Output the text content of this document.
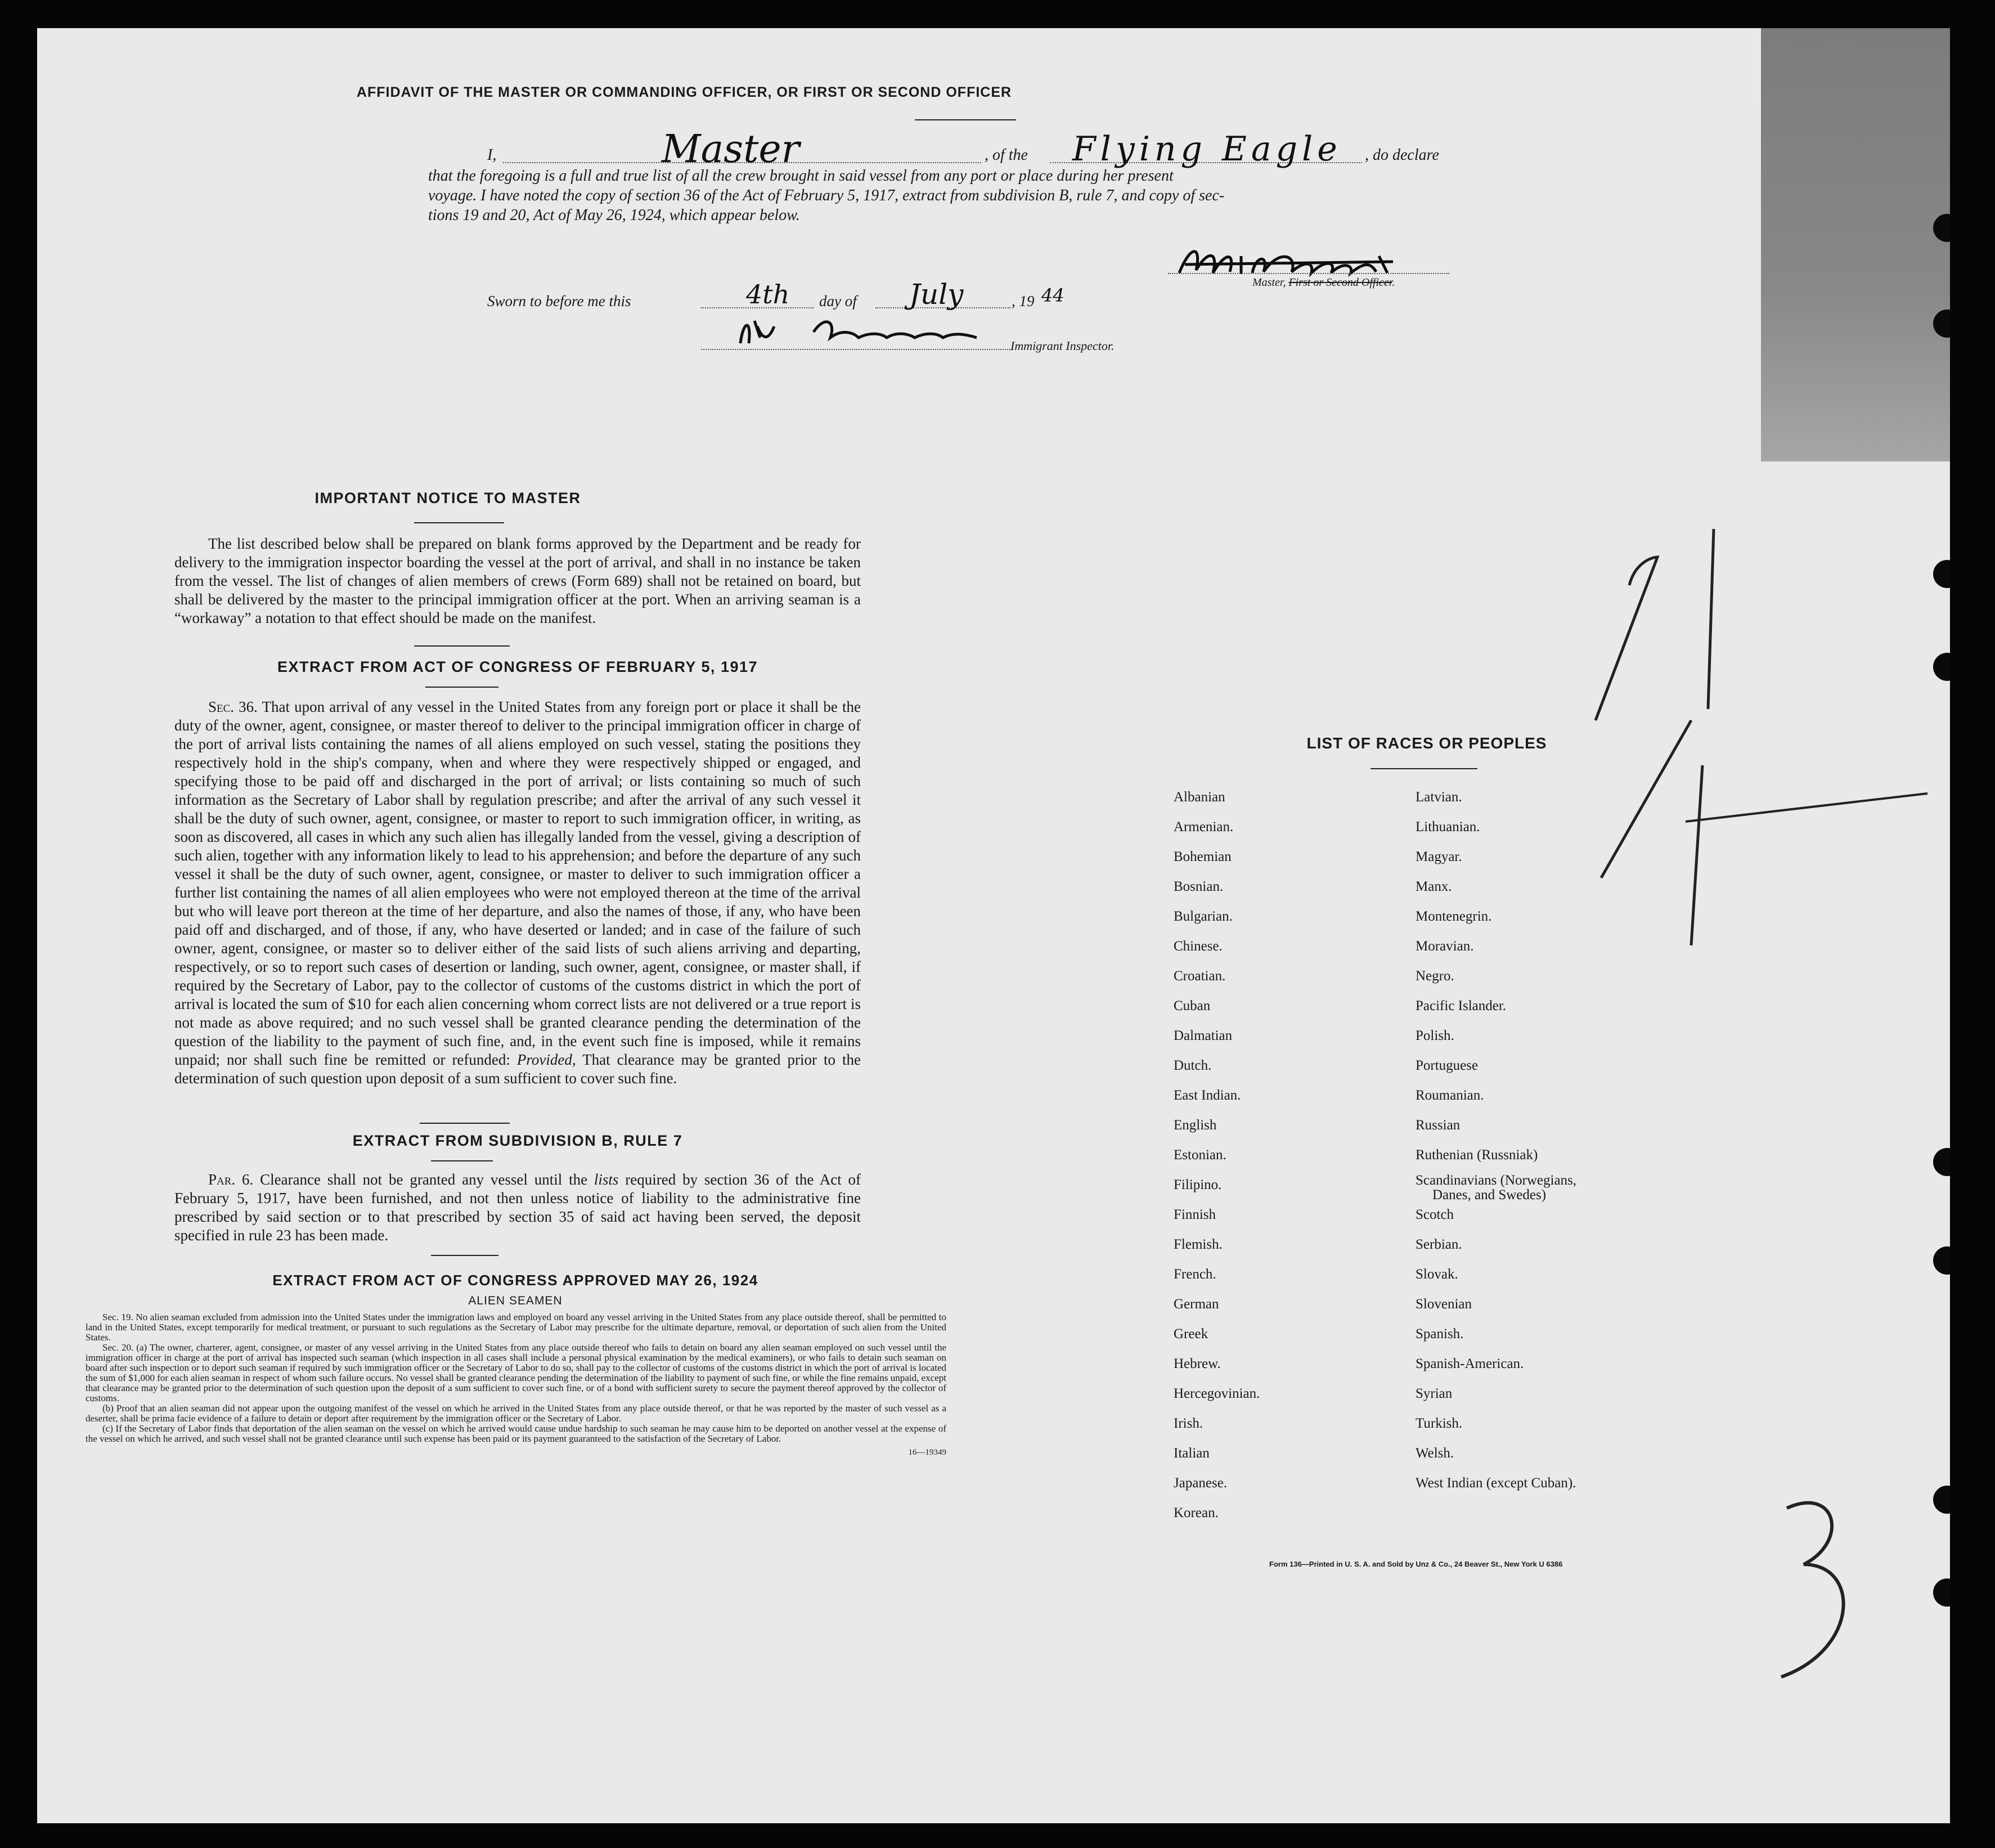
AFFIDAVIT OF THE MASTER OR COMMANDING OFFICER, OR FIRST OR SECOND OFFICER
I,	Master	, of the Flying Eagle , do declare
that the foregoing is a full and true list of all the crew brought in said vessel from any port or place during her present
voyage. I have noted the copy of section 36 of the Act of February 5, 1917, extract from subdivision B, rule 7, and copy of sec-
tions 19 and 20, Act of May 26, 1924, which appear below.
Master, First or Second Officer.
Sworn to before me this	4th day of July	, 19 44
Immigrant Inspector.
IMPORTANT NOTICE TO MASTER
The list described below shall be prepared on blank forms approved by the Department and be ready for delivery to the immigration inspector boarding the vessel at the port of arrival, and shall in no instance be taken from the vessel. The list of changes of alien members of crews (Form 689) shall not be retained on board, but shall be delivered by the master to the principal immigration officer at the port. When an arriving seaman is a “workaway” a notation to that effect should be made on the manifest.
EXTRACT FROM ACT OF CONGRESS OF FEBRUARY 5, 1917
Sec. 36. That upon arrival of any vessel in the United States from any foreign port or place it shall be the duty of the owner, agent, consignee, or master thereof to deliver to the principal immigration officer in charge of the port of arrival lists containing the names of all aliens employed on such vessel, stating the positions they respectively hold in the ship's company, when and where they were respectively shipped or engaged, and specifying those to be paid off and discharged in the port of arrival; or lists containing so much of such information as the Secretary of Labor shall by regulation prescribe; and after the arrival of any such vessel it shall be the duty of such owner, agent, consignee, or master to report to such immigration officer, in writing, as soon as discovered, all cases in which any such alien has illegally landed from the vessel, giving a description of such alien, together with any information likely to lead to his apprehension; and before the departure of any such vessel it shall be the duty of such owner, agent, consignee, or master to deliver to such immigration officer a further list containing the names of all alien employees who were not employed thereon at the time of the arrival but who will leave port thereon at the time of her departure, and also the names of those, if any, who have been paid off and discharged, and of those, if any, who have deserted or landed; and in case of the failure of such owner, agent, consignee, or master so to deliver either of the said lists of such aliens arriving and departing, respectively, or so to report such cases of desertion or landing, such owner, agent, consignee, or master shall, if required by the Secretary of Labor, pay to the collector of customs of the customs district in which the port of arrival is located the sum of $10 for each alien concerning whom correct lists are not delivered or a true report is not made as above required; and no such vessel shall be granted clearance pending the determination of the question of the liability to the payment of such fine, and, in the event such fine is imposed, while it remains unpaid; nor shall such fine be remitted or refunded: Provided, That clearance may be granted prior to the determination of such question upon deposit of a sum sufficient to cover such fine.
EXTRACT FROM SUBDIVISION B, RULE 7
Par. 6. Clearance shall not be granted any vessel until the lists required by section 36 of the Act of February 5, 1917, have been furnished, and not then unless notice of liability to the administrative fine prescribed by said section or to that prescribed by section 35 of said act having been served, the deposit specified in rule 23 has been made.
EXTRACT FROM ACT OF CONGRESS APPROVED MAY 26, 1924
ALIEN SEAMEN
Sec. 19. No alien seaman excluded from admission into the United States under the immigration laws and employed on board any vessel arriving in the United States from any place outside thereof, shall be permitted to land in the United States, except temporarily for medical treatment, or pursuant to such regulations as the Secretary of Labor may prescribe for the ultimate departure, removal, or deportation of such alien from the United States.
Sec. 20. (a) The owner, charterer, agent, consignee, or master of any vessel arriving in the United States from any place outside thereof who fails to detain on board any alien seaman employed on such vessel until the immigration officer in charge at the port of arrival has inspected such seaman (which inspection in all cases shall include a personal physical examination by the medical examiners), or who fails to detain such seaman on board after such inspection or to deport such seaman if required by such immigration officer or the Secretary of Labor to do so, shall pay to the collector of customs of the customs district in which the port of arrival is located the sum of $1,000 for each alien seaman in respect of whom such failure occurs. No vessel shall be granted clearance pending the determination of the liability to payment of such fine, or while the fine remains unpaid, except that clearance may be granted prior to the determination of such question upon the deposit of a sum sufficient to cover such fine, or of a bond with sufficient surety to secure the payment thereof approved by the collector of customs.
(b) Proof that an alien seaman did not appear upon the outgoing manifest of the vessel on which he arrived in the United States from any place outside thereof, or that he was reported by the master of such vessel as a deserter, shall be prima facie evidence of a failure to detain or deport after requirement by the immigration officer or the Secretary of Labor.
(c) If the Secretary of Labor finds that deportation of the alien seaman on the vessel on which he arrived would cause undue hardship to such seaman he may cause him to be deported on another vessel at the expense of the vessel on which he arrived, and such vessel shall not be granted clearance until such expense has been paid or its payment guaranteed to the satisfaction of the Secretary of Labor.
16—19349
LIST OF RACES OR PEOPLES
Albanian
Armenian.
Bohemian
Bosnian.
Bulgarian.
Chinese.
Croatian.
Cuban
Dalmatian
Dutch.
East Indian.
English
Estonian.
Filipino.
Finnish
Flemish.
French.
German
Greek
Hebrew.
Hercegovinian.
Irish.
Italian
Japanese.
Korean.
Latvian.
Lithuanian.
Magyar.
Manx.
Montenegrin.
Moravian.
Negro.
Pacific Islander.
Polish.
Portuguese
Roumanian.
Russian
Ruthenian (Russniak)
Scandinavians (Norwegians,
Danes, and Swedes)
Scotch
Serbian.
Slovak.
Slovenian
Spanish.
Spanish-American.
Syrian
Turkish.
Welsh.
West Indian (except Cuban).
Form 136—Printed in U. S. A. and Sold by Unz & Co., 24 Beaver St., New York U 6386
